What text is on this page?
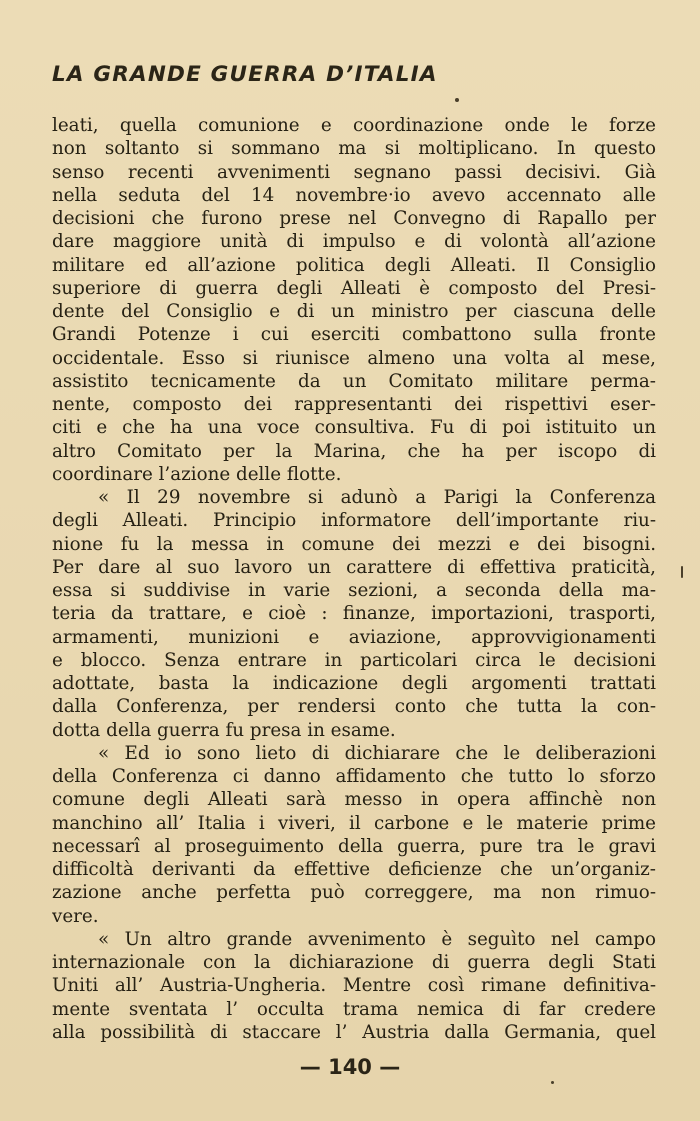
LA GRANDE GUERRA D’ITALIA
leati, quella comunione e coordinazione onde le forze
non soltanto si sommano ma si moltiplicano. In questo
senso recenti avvenimenti segnano passi decisivi. Già
nella seduta del 14 novembre·io avevo accennato alle
decisioni che furono prese nel Convegno di Rapallo per
dare maggiore unità di impulso e di volontà all’azione
militare ed all’azione politica degli Alleati. Il Consiglio
superiore di guerra degli Alleati è composto del Presi-
dente del Consiglio e di un ministro per ciascuna delle
Grandi Potenze i cui eserciti combattono sulla fronte
occidentale. Esso si riunisce almeno una volta al mese,
assistito tecnicamente da un Comitato militare perma-
nente, composto dei rappresentanti dei rispettivi eser-
citi e che ha una voce consultiva. Fu di poi istituito un
altro Comitato per la Marina, che ha per iscopo di
coordinare l’azione delle flotte.
« Il 29 novembre si adunò a Parigi la Conferenza
degli Alleati. Principio informatore dell’importante riu-
nione fu la messa in comune dei mezzi e dei bisogni.
Per dare al suo lavoro un carattere di effettiva praticità,
essa si suddivise in varie sezioni, a seconda della ma-
teria da trattare, e cioè : finanze, importazioni, trasporti,
armamenti, munizioni e aviazione, approvvigionamenti
e blocco. Senza entrare in particolari circa le decisioni
adottate, basta la indicazione degli argomenti trattati
dalla Conferenza, per rendersi conto che tutta la con-
dotta della guerra fu presa in esame.
« Ed io sono lieto di dichiarare che le deliberazioni
della Conferenza ci danno affidamento che tutto lo sforzo
comune degli Alleati sarà messo in opera affinchè non
manchino all’ Italia i viveri, il carbone e le materie prime
necessarî al proseguimento della guerra, pure tra le gravi
difficoltà derivanti da effettive deficienze che un’organiz-
zazione anche perfetta può correggere, ma non rimuo-
vere.
« Un altro grande avvenimento è seguìto nel campo
internazionale con la dichiarazione di guerra degli Stati
Uniti all’ Austria-Ungheria. Mentre così rimane definitiva-
mente sventata l’ occulta trama nemica di far credere
alla possibilità di staccare l’ Austria dalla Germania, quel
— 140 —
